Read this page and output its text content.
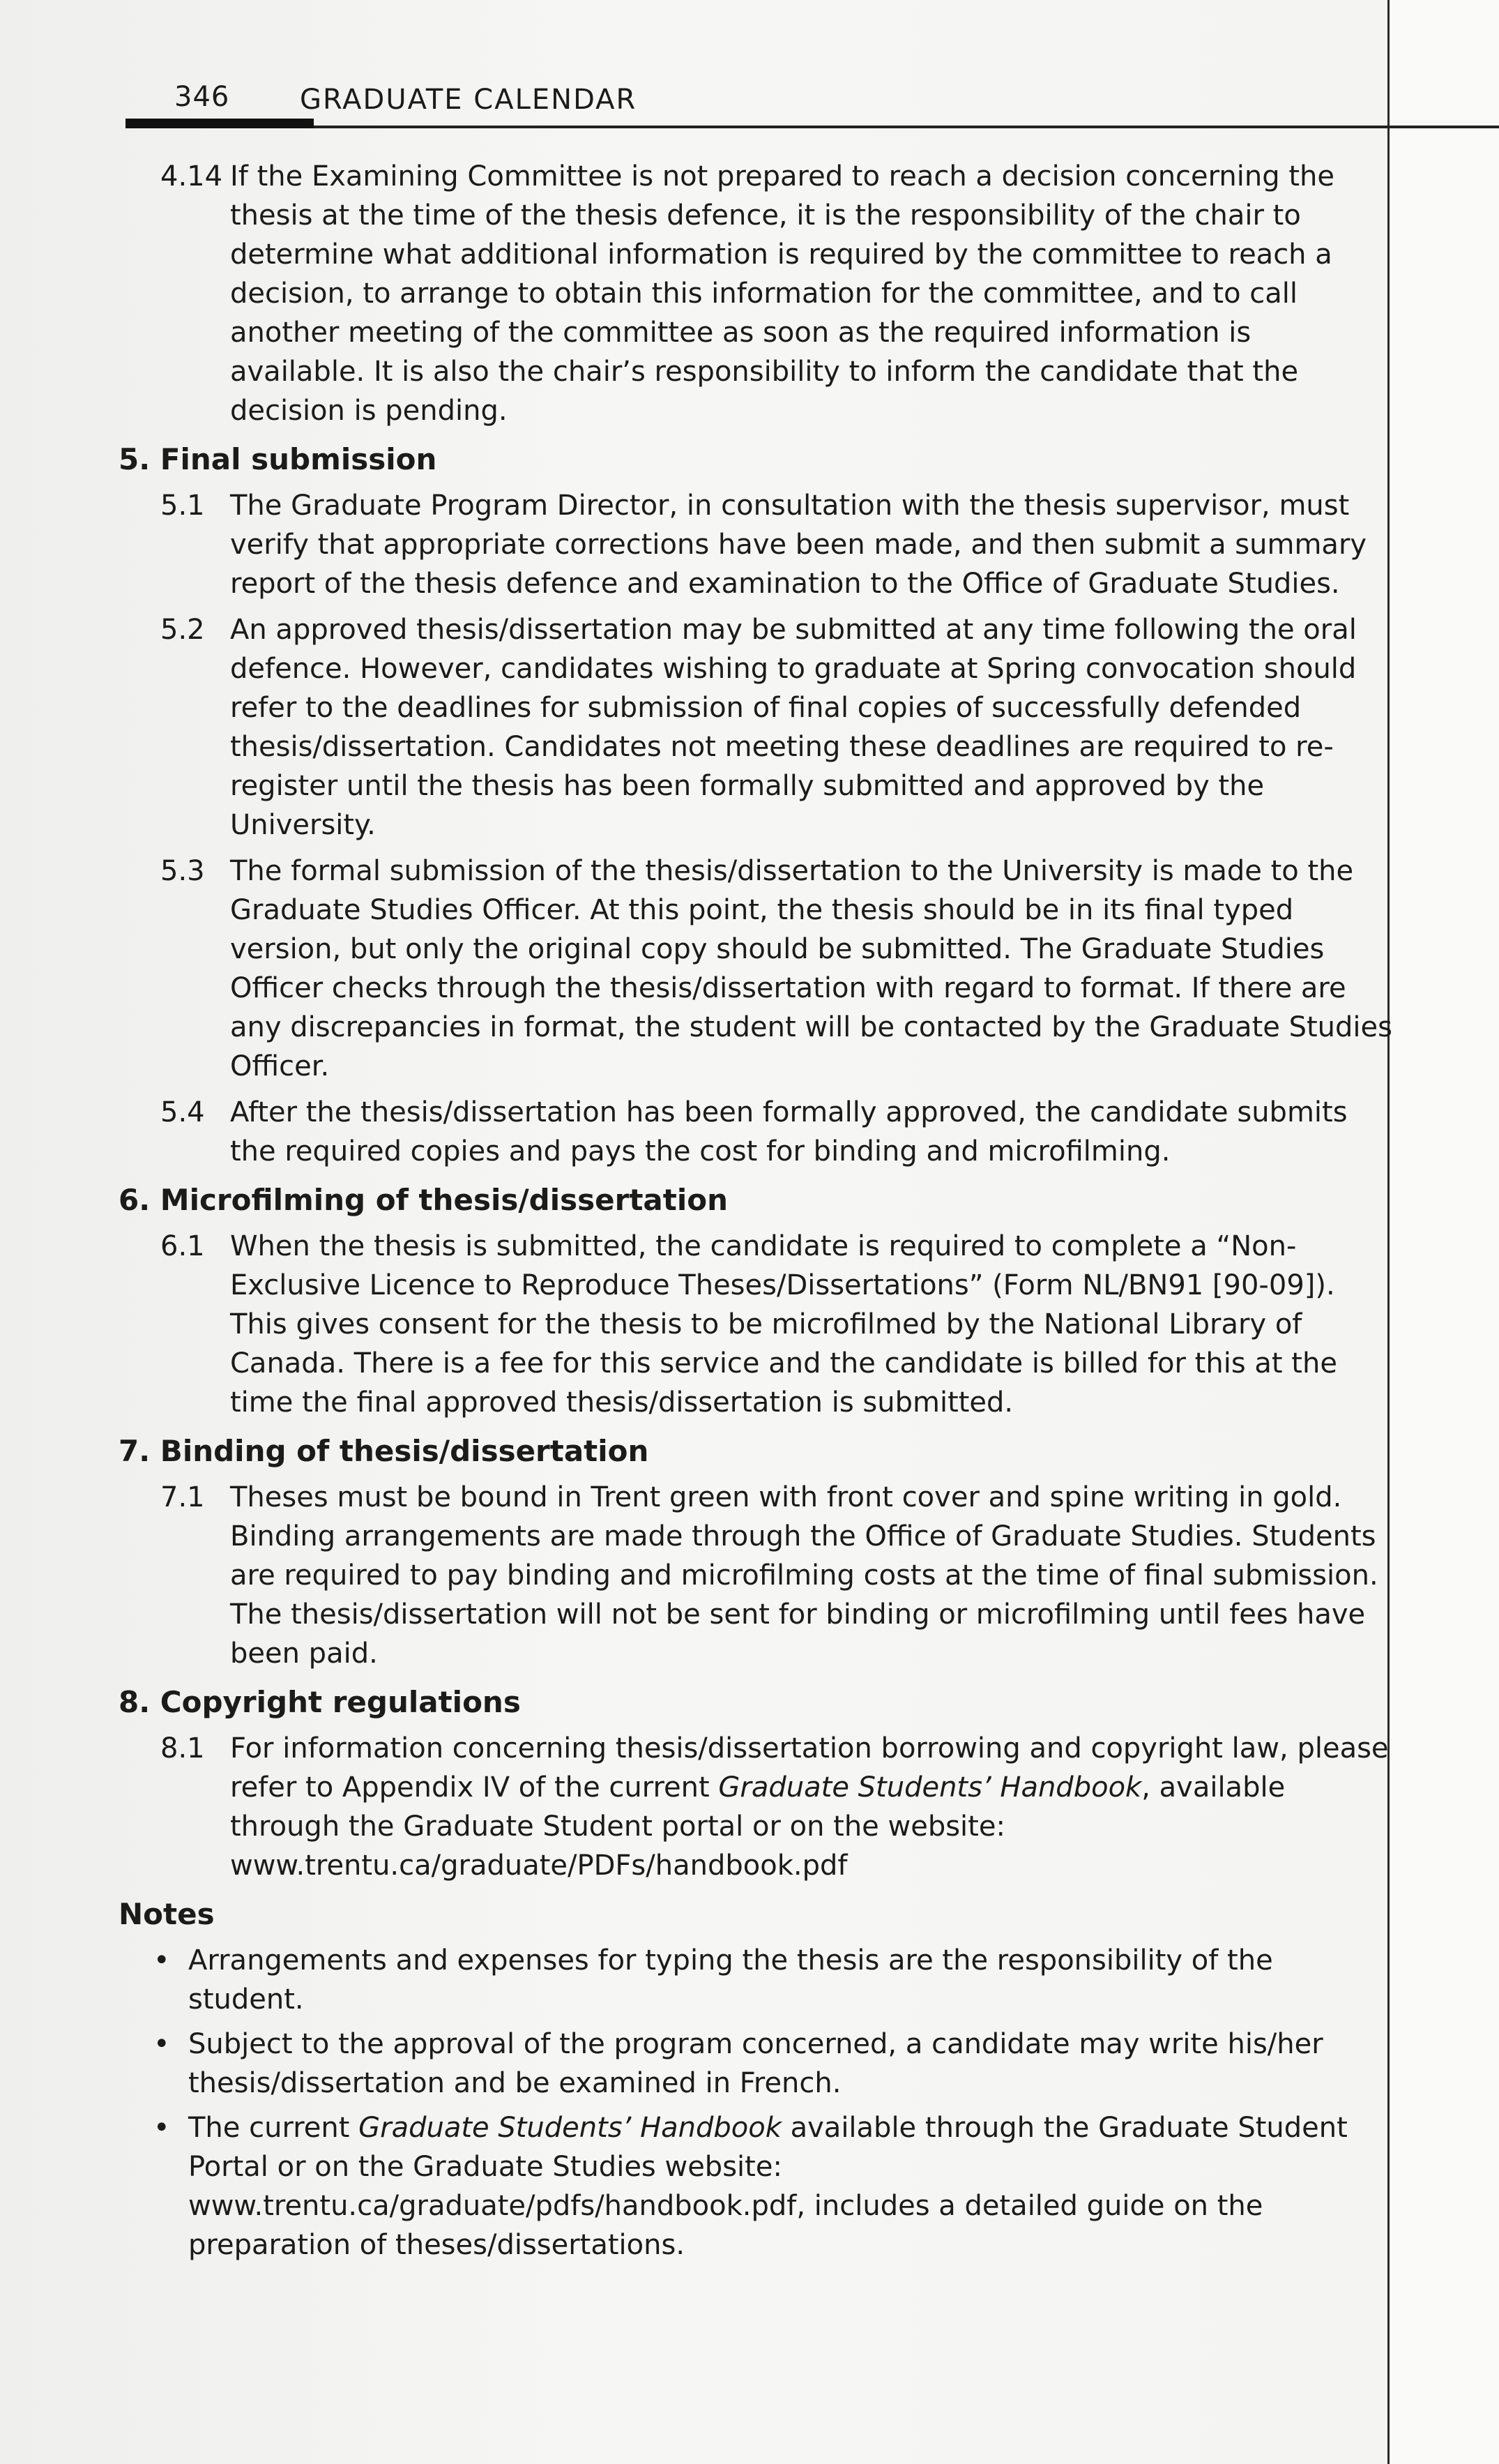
346	GRADUATE CALENDAR
4.14 If the Examining Committee is not prepared to reach a decision concerning the thesis at the time of the thesis defence, it is the responsibility of the chair to determine what additional information is required by the committee to reach a decision, to arrange to obtain this information for the committee, and to call another meeting of the committee as soon as the required information is available. It is also the chair’s responsibility to inform the candidate that the decision is pending.
5. Final submission
5.1 The Graduate Program Director, in consultation with the thesis supervisor, must verify that appropriate corrections have been made, and then submit a summary report of the thesis defence and examination to the Office of Graduate Studies.
5.2 An approved thesis/dissertation may be submitted at any time following the oral defence. However, candidates wishing to graduate at Spring convocation should refer to the deadlines for submission of final copies of successfully defended thesis/dissertation. Candidates not meeting these deadlines are required to re-register until the thesis has been formally submitted and approved by the University.
5.3 The formal submission of the thesis/dissertation to the University is made to the Graduate Studies Officer. At this point, the thesis should be in its final typed version, but only the original copy should be submitted. The Graduate Studies Officer checks through the thesis/dissertation with regard to format. If there are any discrepancies in format, the student will be contacted by the Graduate Studies Officer.
5.4 After the thesis/dissertation has been formally approved, the candidate submits the required copies and pays the cost for binding and microfilming.
6. Microfilming of thesis/dissertation
6.1 When the thesis is submitted, the candidate is required to complete a “Non-Exclusive Licence to Reproduce Theses/Dissertations” (Form NL/BN91 [90-09]). This gives consent for the thesis to be microfilmed by the National Library of Canada. There is a fee for this service and the candidate is billed for this at the time the final approved thesis/dissertation is submitted.
7. Binding of thesis/dissertation
7.1 Theses must be bound in Trent green with front cover and spine writing in gold. Binding arrangements are made through the Office of Graduate Studies. Students are required to pay binding and microfilming costs at the time of final submission. The thesis/dissertation will not be sent for binding or microfilming until fees have been paid.
8. Copyright regulations
8.1 For information concerning thesis/dissertation borrowing and copyright law, please refer to Appendix IV of the current Graduate Students’ Handbook, available through the Graduate Student portal or on the website: www.trentu.ca/graduate/PDFs/handbook.pdf
Notes
• Arrangements and expenses for typing the thesis are the responsibility of the student.
• Subject to the approval of the program concerned, a candidate may write his/her thesis/dissertation and be examined in French.
• The current Graduate Students’ Handbook available through the Graduate Student Portal or on the Graduate Studies website: www.trentu.ca/graduate/pdfs/handbook.pdf, includes a detailed guide on the preparation of theses/dissertations.
